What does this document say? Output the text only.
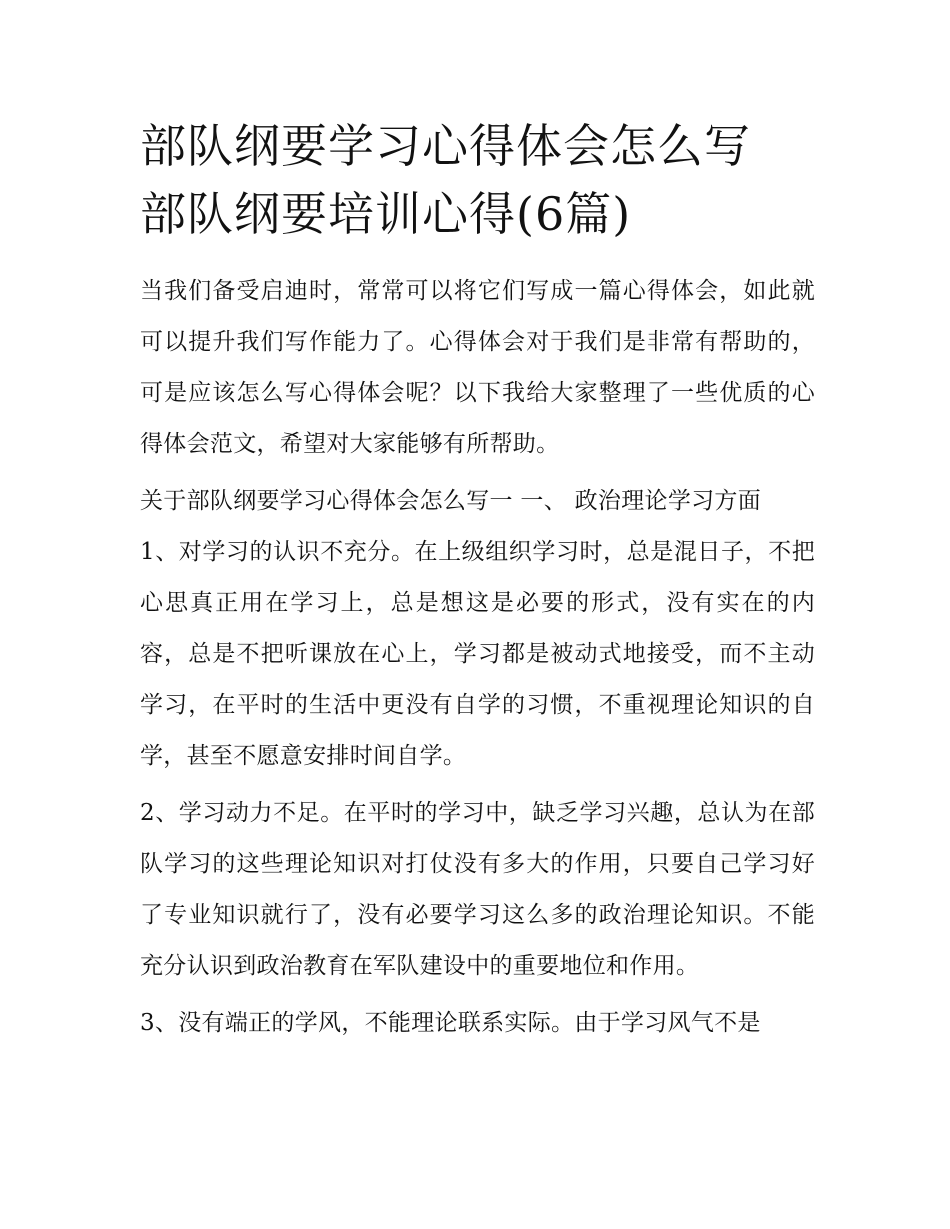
部队纲要学习心得体会怎么写
部队纲要培训心得(6篇)

当我们备受启迪时，常常可以将它们写成一篇心得体会，如此就可以提升我们写作能力了。心得体会对于我们是非常有帮助的，可是应该怎么写心得体会呢？以下我给大家整理了一些优质的心得体会范文，希望对大家能够有所帮助。

关于部队纲要学习心得体会怎么写一 一、 政治理论学习方面

1、对学习的认识不充分。在上级组织学习时，总是混日子，不把心思真正用在学习上，总是想这是必要的形式，没有实在的内容，总是不把听课放在心上，学习都是被动式地接受，而不主动学习，在平时的生活中更没有自学的习惯，不重视理论知识的自学，甚至不愿意安排时间自学。

2、学习动力不足。在平时的学习中，缺乏学习兴趣，总认为在部队学习的这些理论知识对打仗没有多大的作用，只要自己学习好了专业知识就行了，没有必要学习这么多的政治理论知识。不能充分认识到政治教育在军队建设中的重要地位和作用。

3、没有端正的学风，不能理论联系实际。由于学习风气不是
